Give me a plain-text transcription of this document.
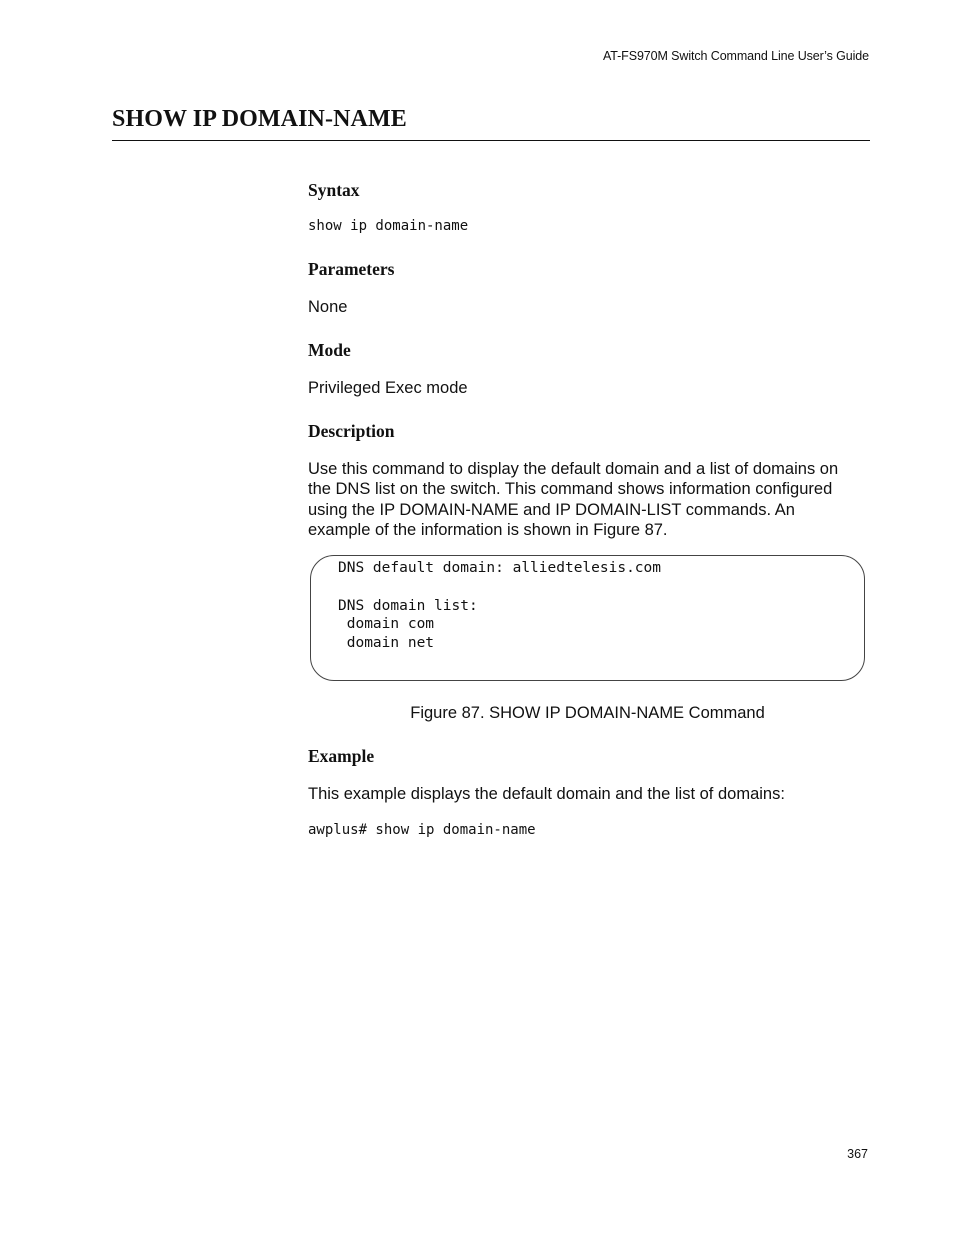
AT-FS970M Switch Command Line User’s Guide
SHOW IP DOMAIN-NAME
Syntax

show ip domain-name

Parameters

None

Mode

Privileged Exec mode

Description

Use this command to display the default domain and a list of domains on

the DNS list on the switch. This command shows information configured

using the IP DOMAIN-NAME and IP DOMAIN-LIST commands. An

example of the information is shown in Figure 87.

DNS default domain: alliedtelesis.com

DNS domain list:

domain com

domain net

Figure 87. SHOW IP DOMAIN-NAME Command

Example

This example displays the default domain and the list of domains:

awplus# show ip domain-name

367
